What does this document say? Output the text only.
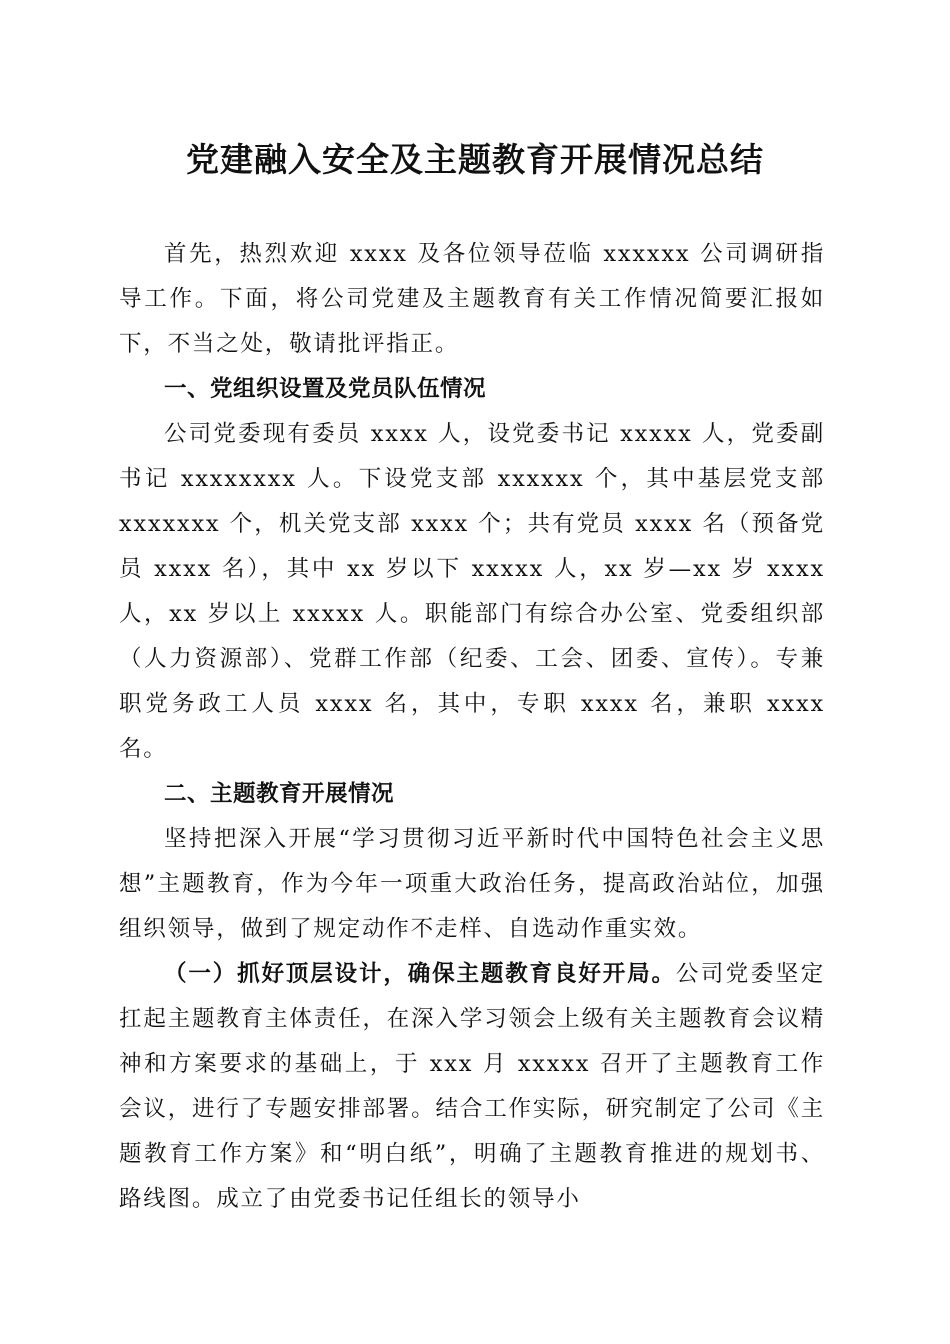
党建融入安全及主题教育开展情况总结

首先，热烈欢迎 xxxx 及各位领导莅临 xxxxxx 公司调研指导工作。下面，将公司党建及主题教育有关工作情况简要汇报如下，不当之处，敬请批评指正。

一、党组织设置及党员队伍情况

公司党委现有委员 xxxx 人，设党委书记 xxxxx 人，党委副书记 xxxxxxxx 人。下设党支部 xxxxxx 个，其中基层党支部 xxxxxxx 个，机关党支部 xxxx 个；共有党员 xxxx 名（预备党员 xxxx 名），其中 xx 岁以下 xxxxx 人，xx 岁—xx 岁 xxxx 人，xx 岁以上 xxxxx 人。职能部门有综合办公室、党委组织部（人力资源部）、党群工作部（纪委、工会、团委、宣传）。专兼职党务政工人员 xxxx 名，其中，专职 xxxx 名，兼职 xxxx 名。

二、主题教育开展情况

坚持把深入开展“学习贯彻习近平新时代中国特色社会主义思想”主题教育，作为今年一项重大政治任务，提高政治站位，加强组织领导，做到了规定动作不走样、自选动作重实效。

（一）抓好顶层设计，确保主题教育良好开局。公司党委坚定扛起主题教育主体责任，在深入学习领会上级有关主题教育会议精神和方案要求的基础上，于 xxx 月 xxxxx 召开了主题教育工作会议，进行了专题安排部署。结合工作实际，研究制定了公司《主题教育工作方案》和“明白纸”，明确了主题教育推进的规划书、路线图。成立了由党委书记任组长的领导小
